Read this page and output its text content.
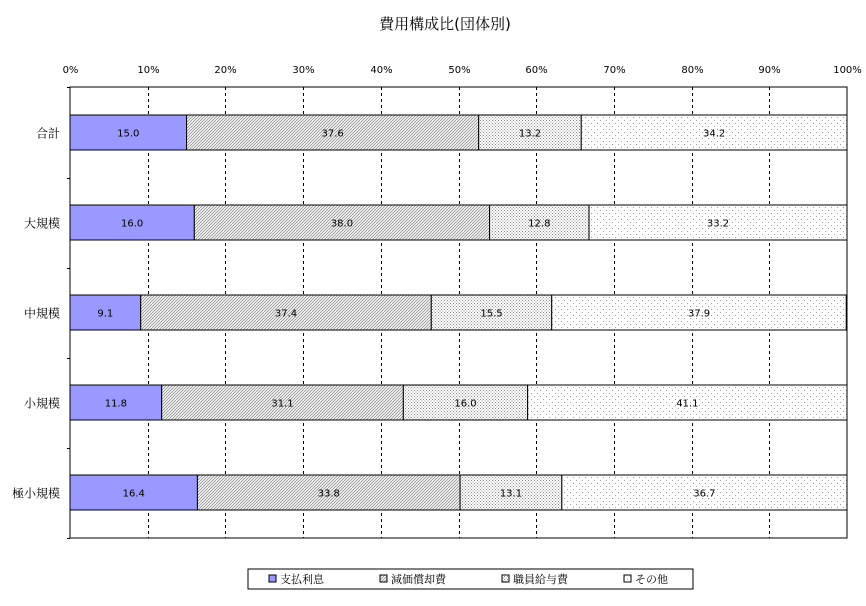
費用構成比(団体別)
0%	10%	20%	30%	40%	50%	60%	70%	80%	90%	100%
15.0	37.6	13.2	34.2
16.0	38.0	12.8	33.2
9.1	37.4	15.5	37.9
11.8	31.1	16.0	41.1
16.4	33.8	13.1	36.7
合計
大規模
中規模
小規模
極小規模
支払利息	減価償却費	職員給与費	その他
